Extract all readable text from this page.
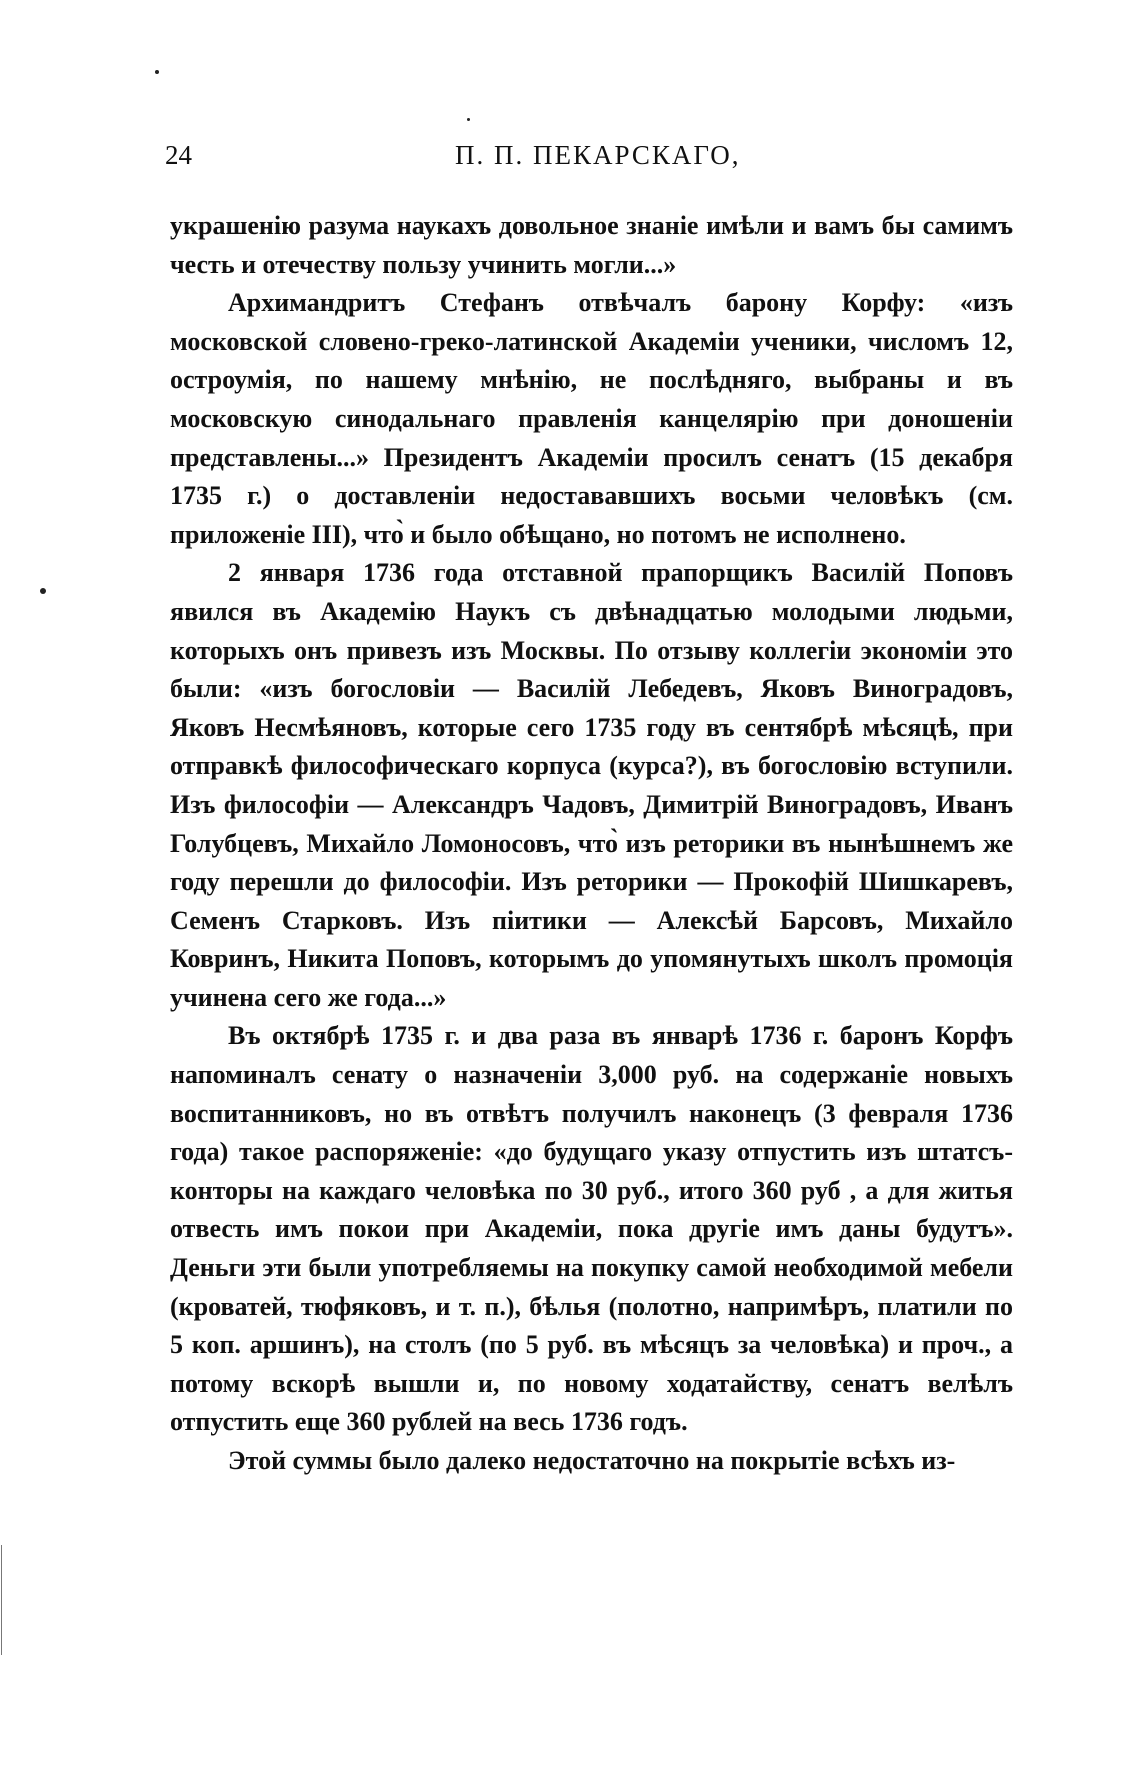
24	П. П. ПЕКАРСКАГО,

украшенію разума наукахъ довольное знаніе имѣли и вамъ бы самимъ честь и отечеству пользу учинить могли...»

Архимандритъ Стефанъ отвѣчалъ барону Корфу: «изъ московской словено-греко-латинской Академіи ученики, числомъ 12, остроумія, по нашему мнѣнію, не послѣдняго, выбраны и въ московскую синодальнаго правленія канцелярію при доношеніи представлены...» Президентъ Академіи просилъ сенатъ (15 декабря 1735 г.) о доставленіи недостававшихъ восьми человѣкъ (см. приложеніе III), что̀ и было обѣщано, но потомъ не исполнено.

2 января 1736 года отставной прапорщикъ Василій Поповъ явился въ Академію Наукъ съ двѣнадцатью молодыми людьми, которыхъ онъ привезъ изъ Москвы. По отзыву коллегіи экономіи это были: «изъ богословіи — Василій Лебедевъ, Яковъ Виноградовъ, Яковъ Несмѣяновъ, которые сего 1735 году въ сентябрѣ мѣсяцѣ, при отправкѣ философическаго корпуса (курса?), въ богословію вступили. Изъ философіи — Александръ Чадовъ, Димитрій Виноградовъ, Иванъ Голубцевъ, Михайло Ломоносовъ, что̀ изъ реторики въ нынѣшнемъ же году перешли до философіи. Изъ реторики — Прокофій Шишкаревъ, Семенъ Старковъ. Изъ піитики — Алексѣй Барсовъ, Михайло Ковринъ, Никита Поповъ, которымъ до упомянутыхъ школъ промоція учинена сего же года...»

Въ октябрѣ 1735 г. и два раза въ январѣ 1736 г. баронъ Корфъ напоминалъ сенату о назначеніи 3,000 руб. на содержаніе новыхъ воспитанниковъ, но въ отвѣтъ получилъ наконецъ (3 февраля 1736 года) такое распоряженіе: «до будущаго указу отпустить изъ штатсъ-конторы на каждаго человѣка по 30 руб., итого 360 руб , а для житья отвесть имъ покои при Академіи, пока другіе имъ даны будутъ». Деньги эти были употребляемы на покупку самой необходимой мебели (кроватей, тюфяковъ, и т. п.), бѣлья (полотно, напримѣръ, платили по 5 коп. аршинъ), на столъ (по 5 руб. въ мѣсяцъ за человѣка) и проч., а потому вскорѣ вышли и, по новому ходатайству, сенатъ велѣлъ отпустить еще 360 рублей на весь 1736 годъ.

Этой суммы было далеко недостаточно на покрытіе всѣхъ из-
